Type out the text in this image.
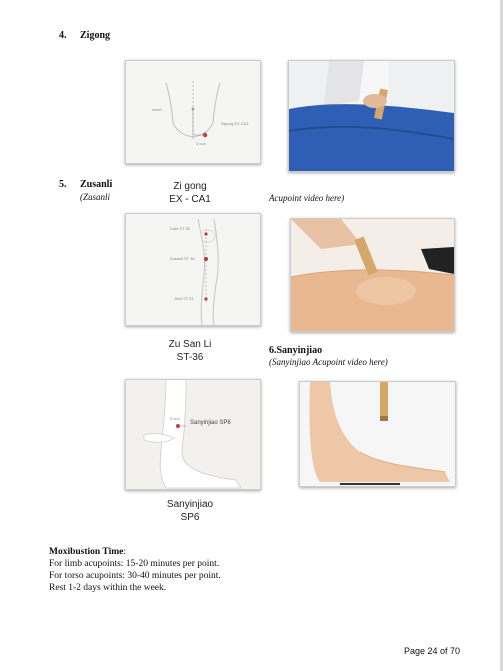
4. Zigong
navel
Zigong EX-CA1
3 cun
5. Zusanli
(Zusanli
Zi gong
EX - CA1	Acupoint video here)
Dubi ST 35
Zusanli ST 36
Jiexi ST 41
Zu San Li
ST-36
6.Sanyinjiao
(Sanyinjiao Acupoint video here)
Sanyinjiao SP6
3 cun
Sanyinjiao
SP6
Moxibustion Time:
For limb acupoints: 15-20 minutes per point.
For torso acupoints: 30-40 minutes per point.
Rest 1-2 days within the week.
Page 24 of 70
